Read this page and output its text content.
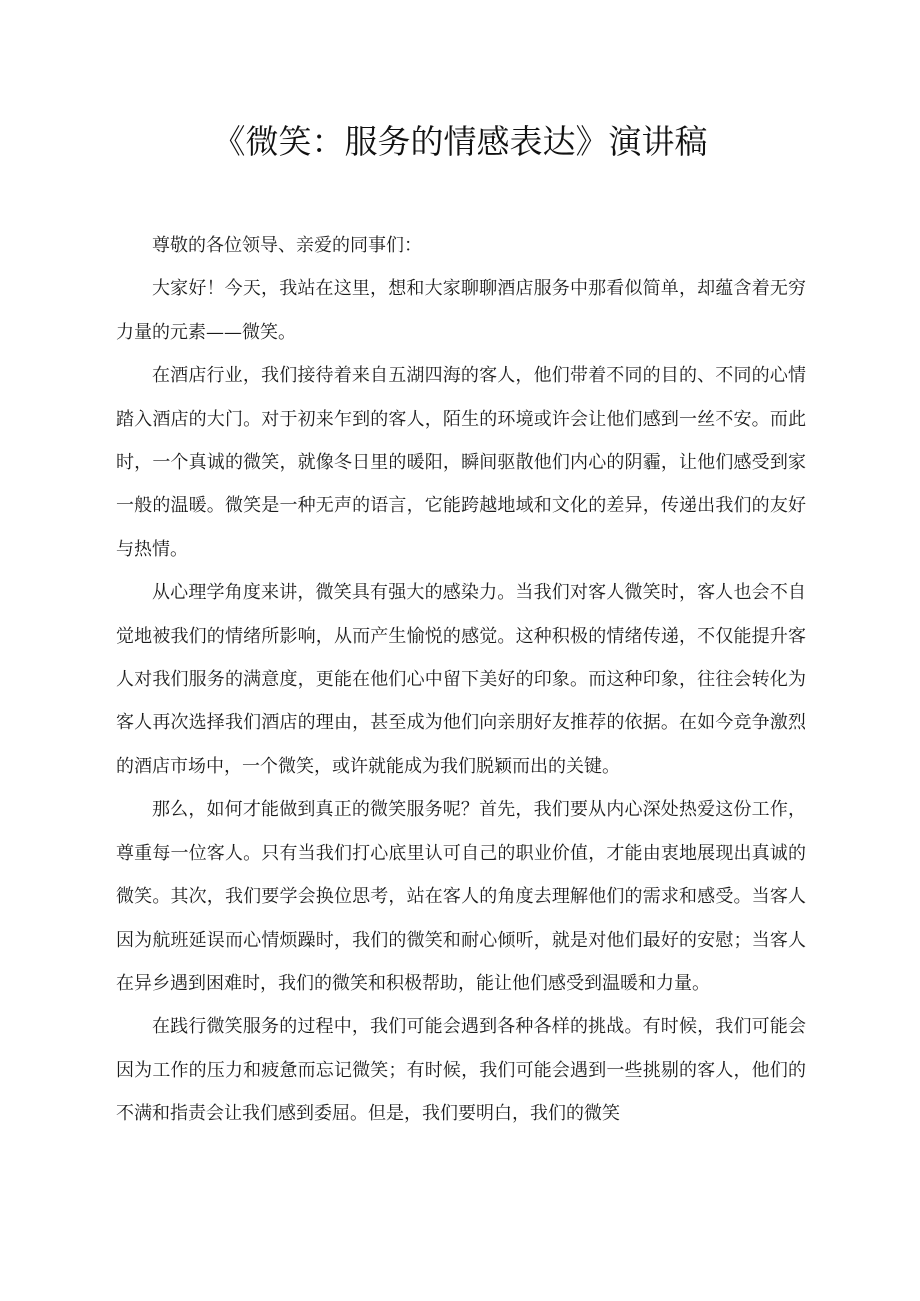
《微笑：服务的情感表达》演讲稿

尊敬的各位领导、亲爱的同事们：

大家好！今天，我站在这里，想和大家聊聊酒店服务中那看似简单，却蕴含着无穷力量的元素——微笑。

在酒店行业，我们接待着来自五湖四海的客人，他们带着不同的目的、不同的心情踏入酒店的大门。对于初来乍到的客人，陌生的环境或许会让他们感到一丝不安。而此时，一个真诚的微笑，就像冬日里的暖阳，瞬间驱散他们内心的阴霾，让他们感受到家一般的温暖。微笑是一种无声的语言，它能跨越地域和文化的差异，传递出我们的友好与热情。

从心理学角度来讲，微笑具有强大的感染力。当我们对客人微笑时，客人也会不自觉地被我们的情绪所影响，从而产生愉悦的感觉。这种积极的情绪传递，不仅能提升客人对我们服务的满意度，更能在他们心中留下美好的印象。而这种印象，往往会转化为客人再次选择我们酒店的理由，甚至成为他们向亲朋好友推荐的依据。在如今竞争激烈的酒店市场中，一个微笑，或许就能成为我们脱颖而出的关键。

那么，如何才能做到真正的微笑服务呢？首先，我们要从内心深处热爱这份工作，尊重每一位客人。只有当我们打心底里认可自己的职业价值，才能由衷地展现出真诚的微笑。其次，我们要学会换位思考，站在客人的角度去理解他们的需求和感受。当客人因为航班延误而心情烦躁时，我们的微笑和耐心倾听，就是对他们最好的安慰；当客人在异乡遇到困难时，我们的微笑和积极帮助，能让他们感受到温暖和力量。

在践行微笑服务的过程中，我们可能会遇到各种各样的挑战。有时候，我们可能会因为工作的压力和疲惫而忘记微笑；有时候，我们可能会遇到一些挑剔的客人，他们的不满和指责会让我们感到委屈。但是，我们要明白，我们的微笑
